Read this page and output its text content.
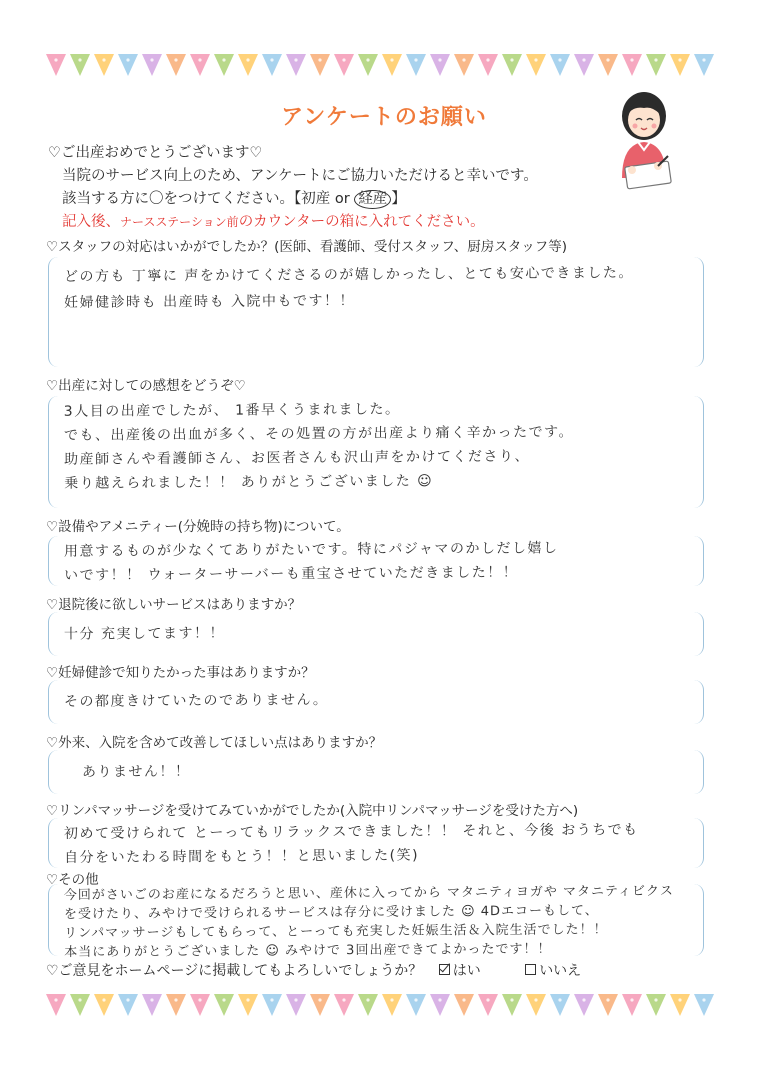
アンケートのお願い
♡ご出産おめでとうございます♡
当院のサービス向上のため、アンケートにご協力いただけると幸いです。
該当する方に〇をつけてください。【初産 or 経産 】
記入後、ナースステーション前のカウンターの箱に入れてください。
♡スタッフの対応はいかがでしたか？(医師、看護師、受付スタッフ、厨房スタッフ等)
どの方も 丁寧に 声をかけてくださるのが嬉しかったし、とても安心できました。
妊婦健診時も 出産時も 入院中もです！！
♡出産に対しての感想をどうぞ♡
3人目の出産でしたが、 1番早くうまれました。
でも、出産後の出血が多く、その処置の方が出産より痛く辛かったです。
助産師さんや看護師さん、お医者さんも沢山声をかけてくださり、
乗り越えられました！！ ありがとうございました ☺
♡設備やアメニティー(分娩時の持ち物)について。
用意するものが少なくてありがたいです。特にパジャマのかしだし嬉し
いです！！ ウォーターサーバーも重宝させていただきました！！
♡退院後に欲しいサービスはありますか？
十分 充実してます！！
♡妊婦健診で知りたかった事はありますか？
その都度きけていたのでありません。
♡外来、入院を含めて改善してほしい点はありますか？
ありません！！
♡リンパマッサージを受けてみていかがでしたか(入院中リンパマッサージを受けた方へ)
初めて受けられて とーってもリラックスできました！！ それと、今後 おうちでも
自分をいたわる時間をもとう！！と思いました(笑)
♡その他
今回がさいごのお産になるだろうと思い、産休に入ってから マタニティヨガや マタニティビクス
を受けたり、みやけで受けられるサービスは存分に受けました ☺ 4Dエコーもして、
リンパマッサージもしてもらって、とーっても充実した妊娠生活＆入院生活でした！！
本当にありがとうございました ☺ みやけで 3回出産できてよかったです！！
♡ご意見をホームページに掲載してもよろしいでしょうか？ はい	いいえ
